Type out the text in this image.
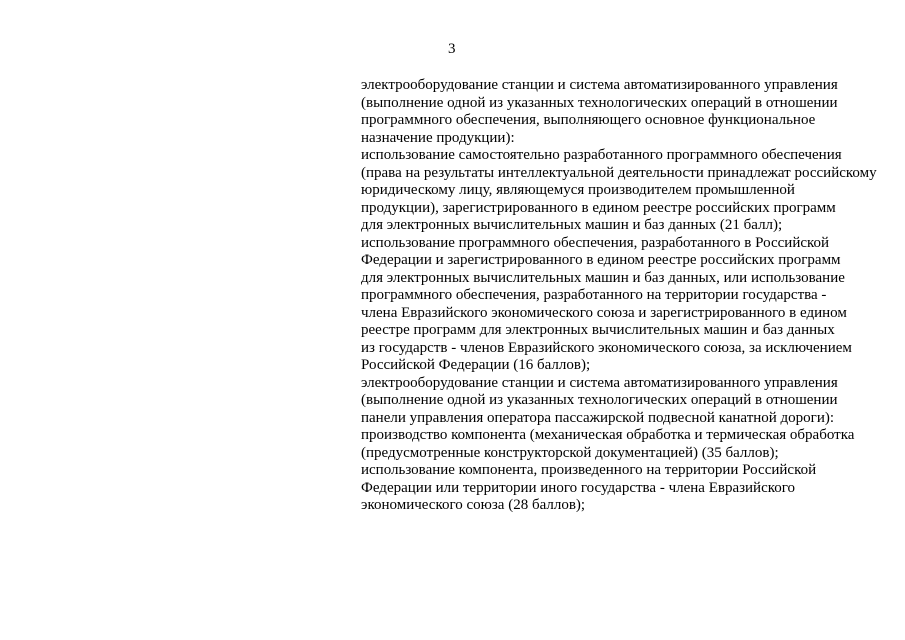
3
электрооборудование станции и система автоматизированного управления
(выполнение одной из указанных технологических операций в отношении
программного обеспечения, выполняющего основное функциональное
назначение продукции):
использование самостоятельно разработанного программного обеспечения
(права на результаты интеллектуальной деятельности принадлежат российскому
юридическому лицу, являющемуся производителем промышленной
продукции), зарегистрированного в едином реестре российских программ
для электронных вычислительных машин и баз данных (21 балл);
использование программного обеспечения, разработанного в Российской
Федерации и зарегистрированного в едином реестре российских программ
для электронных вычислительных машин и баз данных, или использование
программного обеспечения, разработанного на территории государства -
члена Евразийского экономического союза и зарегистрированного в едином
реестре программ для электронных вычислительных машин и баз данных
из государств - членов Евразийского экономического союза, за исключением
Российской Федерации (16 баллов);
электрооборудование станции и система автоматизированного управления
(выполнение одной из указанных технологических операций в отношении
панели управления оператора пассажирской подвесной канатной дороги):
производство компонента (механическая обработка и термическая обработка
(предусмотренные конструкторской документацией) (35 баллов);
использование компонента, произведенного на территории Российской
Федерации или территории иного государства - члена Евразийского
экономического союза (28 баллов);
